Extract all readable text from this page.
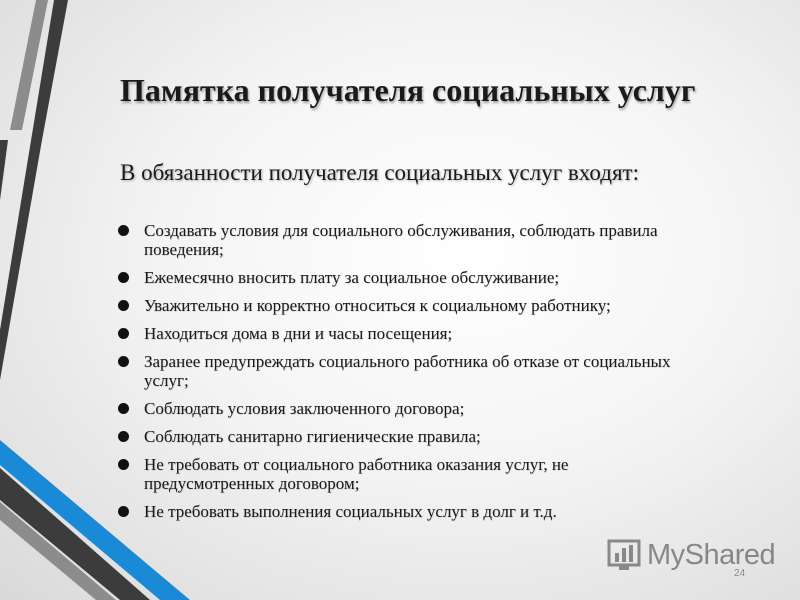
Памятка получателя социальных услуг
В обязанности получателя социальных услуг входят:
Создавать условия для социального обслуживания, соблюдать правила поведения;
Ежемесячно вносить плату за социальное обслуживание;
Уважительно и корректно относиться к социальному работнику;
Находиться дома в дни и часы посещения;
Заранее предупреждать социального работника об отказе от социальных услуг;
Соблюдать условия заключенного договора;
Соблюдать санитарно гигиенические правила;
Не требовать от социального работника оказания услуг, не предусмотренных договором;
Не требовать выполнения социальных услуг в долг и т.д.
MyShared
24
